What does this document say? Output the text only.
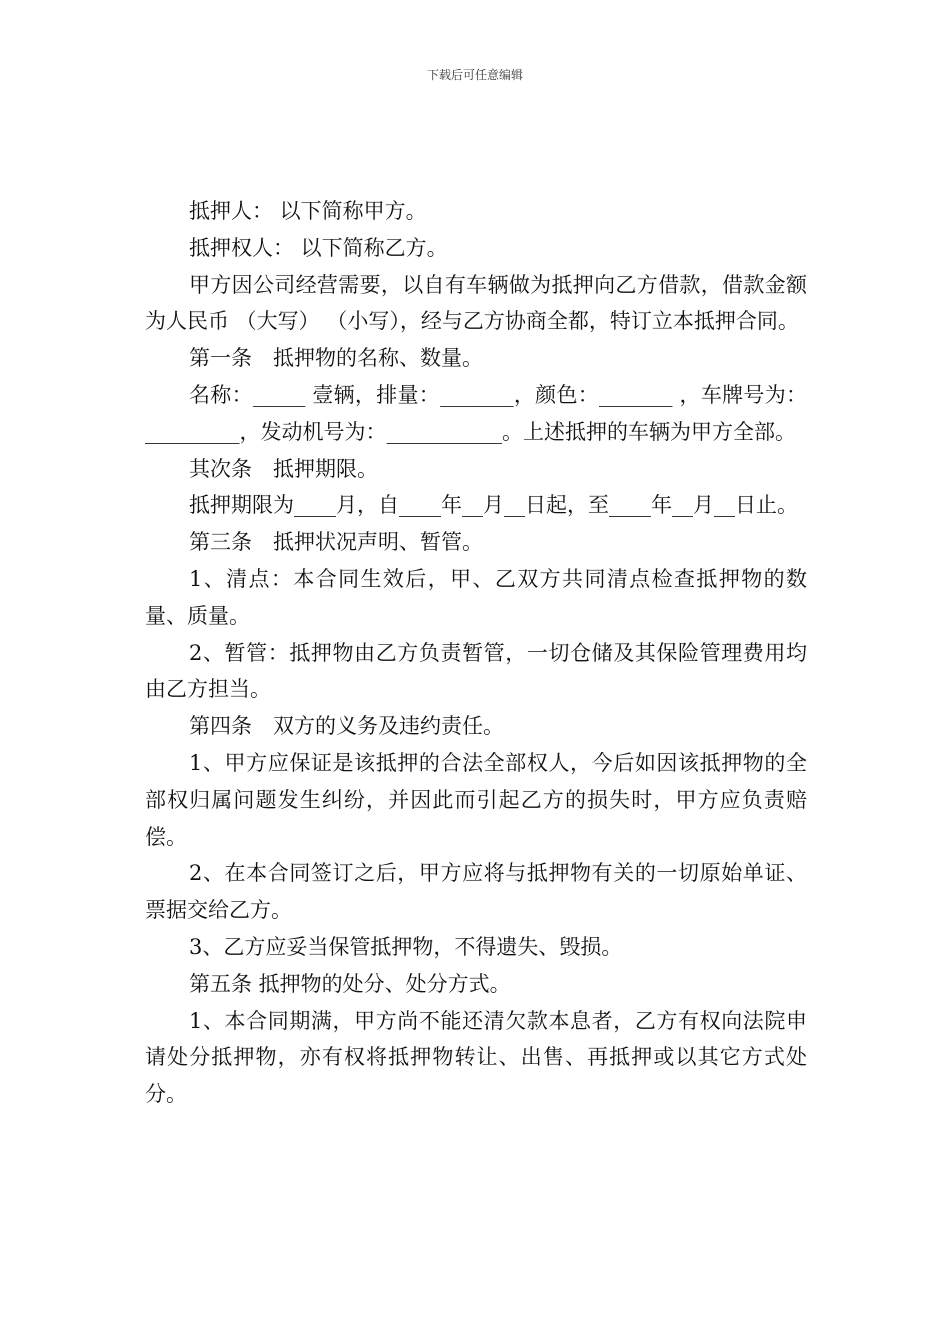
下载后可任意编辑

抵押人： 以下简称甲方。

抵押权人： 以下简称乙方。

甲方因公司经营需要，以自有车辆做为抵押向乙方借款，借款金额为人民币 （大写） （小写），经与乙方协商全都，特订立本抵押合同。

第一条　抵押物的名称、数量。

名称：_____ 壹辆，排量：_______，颜色：_______ ，车牌号为：_________，发动机号为：___________。上述抵押的车辆为甲方全部。

其次条　抵押期限。

抵押期限为____月，自____年__月__日起，至____年__月__日止。

第三条　抵押状况声明、暂管。

1、清点：本合同生效后，甲、乙双方共同清点检查抵押物的数量、质量。

2、暂管：抵押物由乙方负责暂管，一切仓储及其保险管理费用均由乙方担当。

第四条　双方的义务及违约责任。

1、甲方应保证是该抵押的合法全部权人，今后如因该抵押物的全部权归属问题发生纠纷，并因此而引起乙方的损失时，甲方应负责赔偿。

2、在本合同签订之后，甲方应将与抵押物有关的一切原始单证、票据交给乙方。

3、乙方应妥当保管抵押物，不得遗失、毁损。

第五条 抵押物的处分、处分方式。

1、本合同期满，甲方尚不能还清欠款本息者，乙方有权向法院申请处分抵押物，亦有权将抵押物转让、出售、再抵押或以其它方式处分。
